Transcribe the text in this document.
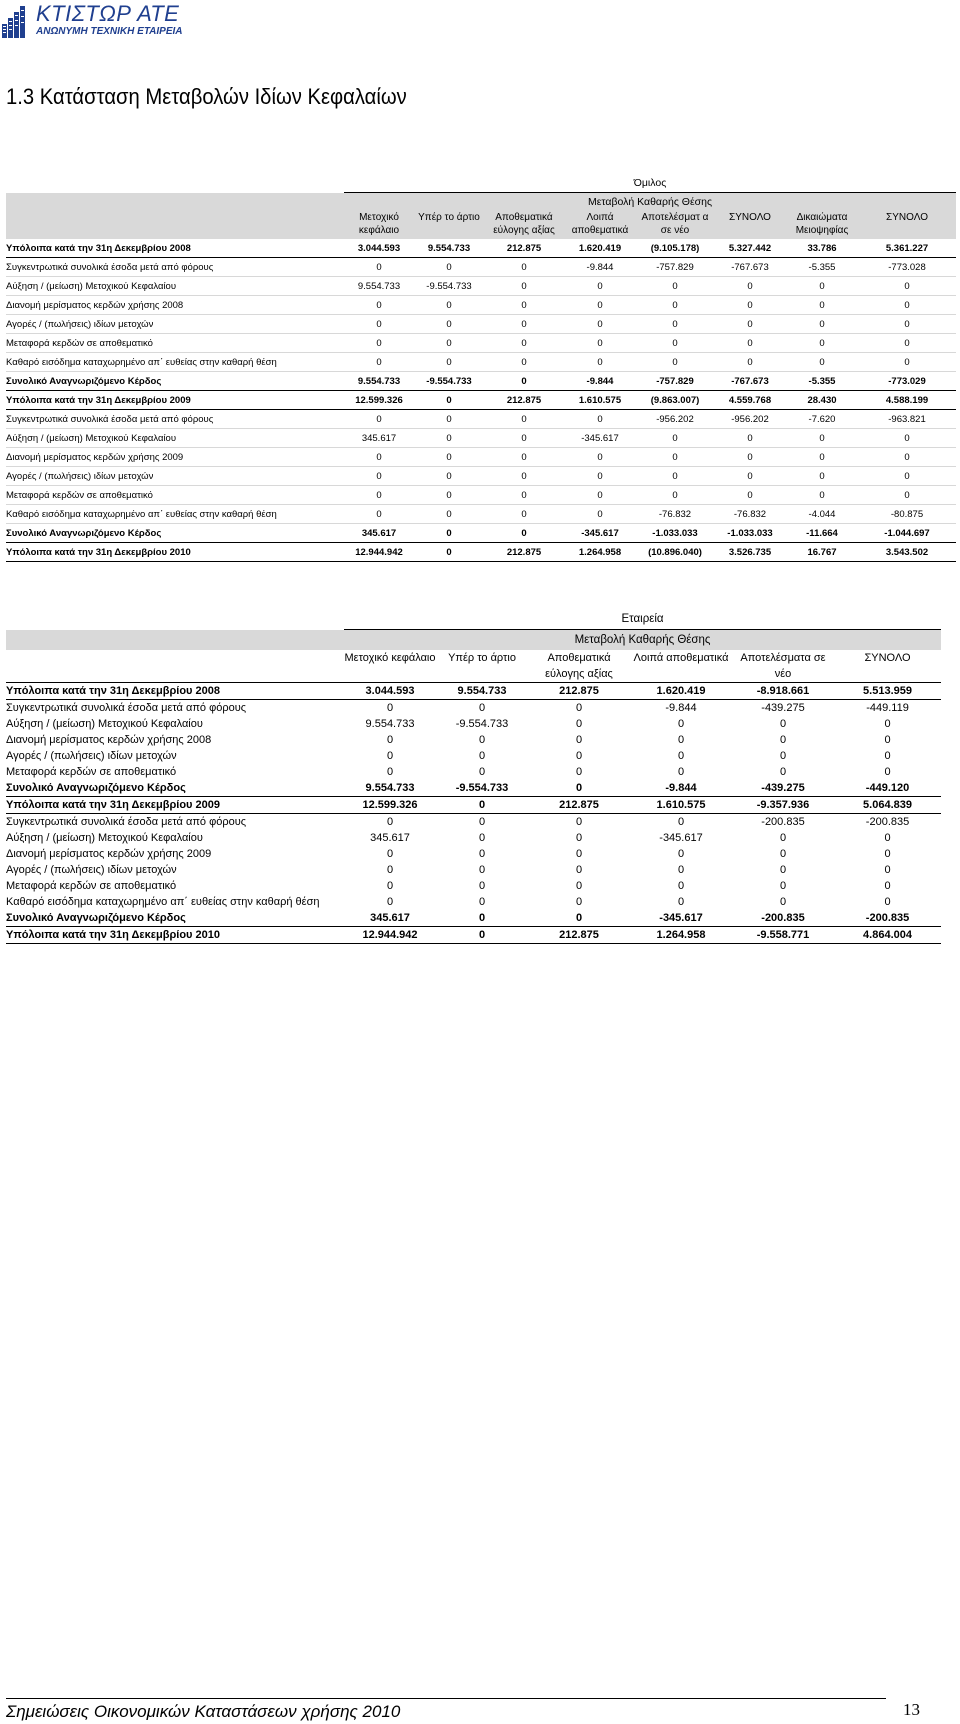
ΚΤΙΣΤΩΡ ΑΤΕ
ΑΝΩΝΥΜΗ ΤΕΧΝΙΚΗ ΕΤΑΙΡΕΙΑ
1.3 Κατάσταση Μεταβολών Ιδίων Κεφαλαίων
	Όμιλος							
	Μεταβολή Καθαρής Θέσης							
	Μετοχικό κεφάλαιο	Υπέρ το άρτιο	Αποθεματικά εύλογης αξίας	Λοιπά αποθεματικά	Αποτελέσματ α σε νέο	ΣΥΝΟΛΟ	Δικαιώματα Μειοψηφίας	ΣΥΝΟΛΟ
Υπόλοιπα κατά την 31η Δεκεμβρίου 2008	3.044.593	9.554.733	212.875	1.620.419	(9.105.178)	5.327.442	33.786	5.361.227
Συγκεντρωτικά συνολικά έσοδα μετά από φόρους	0	0	0	-9.844	-757.829	-767.673	-5.355	-773.028
Αύξηση / (μείωση) Μετοχικού Κεφαλαίου	9.554.733	-9.554.733	0	0	0	0	0	0
Διανομή μερίσματος κερδών χρήσης 2008	0	0	0	0	0	0	0	0
Αγορές / (πωλήσεις) ιδίων μετοχών	0	0	0	0	0	0	0	0
Μεταφορά κερδών σε αποθεματικό	0	0	0	0	0	0	0	0
Καθαρό εισόδημα καταχωρημένο απ΄ ευθείας στην καθαρή θέση	0	0	0	0	0	0	0	0
Συνολικό Αναγνωριζόμενο Κέρδος	9.554.733	-9.554.733	0	-9.844	-757.829	-767.673	-5.355	-773.029
Υπόλοιπα κατά την 31η Δεκεμβρίου 2009	12.599.326	0	212.875	1.610.575	(9.863.007)	4.559.768	28.430	4.588.199
Συγκεντρωτικά συνολικά έσοδα μετά από φόρους	0	0	0	0	-956.202	-956.202	-7.620	-963.821
Αύξηση / (μείωση) Μετοχικού Κεφαλαίου	345.617	0	0	-345.617	0	0	0	0
Διανομή μερίσματος κερδών χρήσης 2009	0	0	0	0	0	0	0	0
Αγορές / (πωλήσεις) ιδίων μετοχών	0	0	0	0	0	0	0	0
Μεταφορά κερδών σε αποθεματικό	0	0	0	0	0	0	0	0
Καθαρό εισόδημα καταχωρημένο απ΄ ευθείας στην καθαρή θέση	0	0	0	0	-76.832	-76.832	-4.044	-80.875
Συνολικό Αναγνωριζόμενο Κέρδος	345.617	0	0	-345.617	-1.033.033	-1.033.033	-11.664	-1.044.697
Υπόλοιπα κατά την 31η Δεκεμβρίου 2010	12.944.942	0	212.875	1.264.958	(10.896.040)	3.526.735	16.767	3.543.502
	Εταιρεία					
	Μεταβολή Καθαρής Θέσης					
	Μετοχικό κεφάλαιο	Υπέρ το άρτιο	Αποθεματικά εύλογης αξίας	Λοιπά αποθεματικά	Αποτελέσματα σε νέο	ΣΥΝΟΛΟ
Υπόλοιπα κατά την 31η Δεκεμβρίου 2008	3.044.593	9.554.733	212.875	1.620.419	-8.918.661	5.513.959
Συγκεντρωτικά συνολικά έσοδα μετά από φόρους	0	0	0	-9.844	-439.275	-449.119
Αύξηση / (μείωση) Μετοχικού Κεφαλαίου	9.554.733	-9.554.733	0	0	0	0
Διανομή μερίσματος κερδών χρήσης 2008	0	0	0	0	0	0
Αγορές / (πωλήσεις) ιδίων μετοχών	0	0	0	0	0	0
Μεταφορά κερδών σε αποθεματικό	0	0	0	0	0	0
Συνολικό Αναγνωριζόμενο Κέρδος	9.554.733	-9.554.733	0	-9.844	-439.275	-449.120
Υπόλοιπα κατά την 31η Δεκεμβρίου 2009	12.599.326	0	212.875	1.610.575	-9.357.936	5.064.839
Συγκεντρωτικά συνολικά έσοδα μετά από φόρους	0	0	0	0	-200.835	-200.835
Αύξηση / (μείωση) Μετοχικού Κεφαλαίου	345.617	0	0	-345.617	0	0
Διανομή μερίσματος κερδών χρήσης 2009	0	0	0	0	0	0
Αγορές / (πωλήσεις) ιδίων μετοχών	0	0	0	0	0	0
Μεταφορά κερδών σε αποθεματικό	0	0	0	0	0	0
Καθαρό εισόδημα καταχωρημένο απ΄ ευθείας στην καθαρή θέση	0	0	0	0	0	0
Συνολικό Αναγνωριζόμενο Κέρδος	345.617	0	0	-345.617	-200.835	-200.835
Υπόλοιπα κατά την 31η Δεκεμβρίου 2010	12.944.942	0	212.875	1.264.958	-9.558.771	4.864.004
Σημειώσεις Οικονομικών Καταστάσεων χρήσης 2010	13
